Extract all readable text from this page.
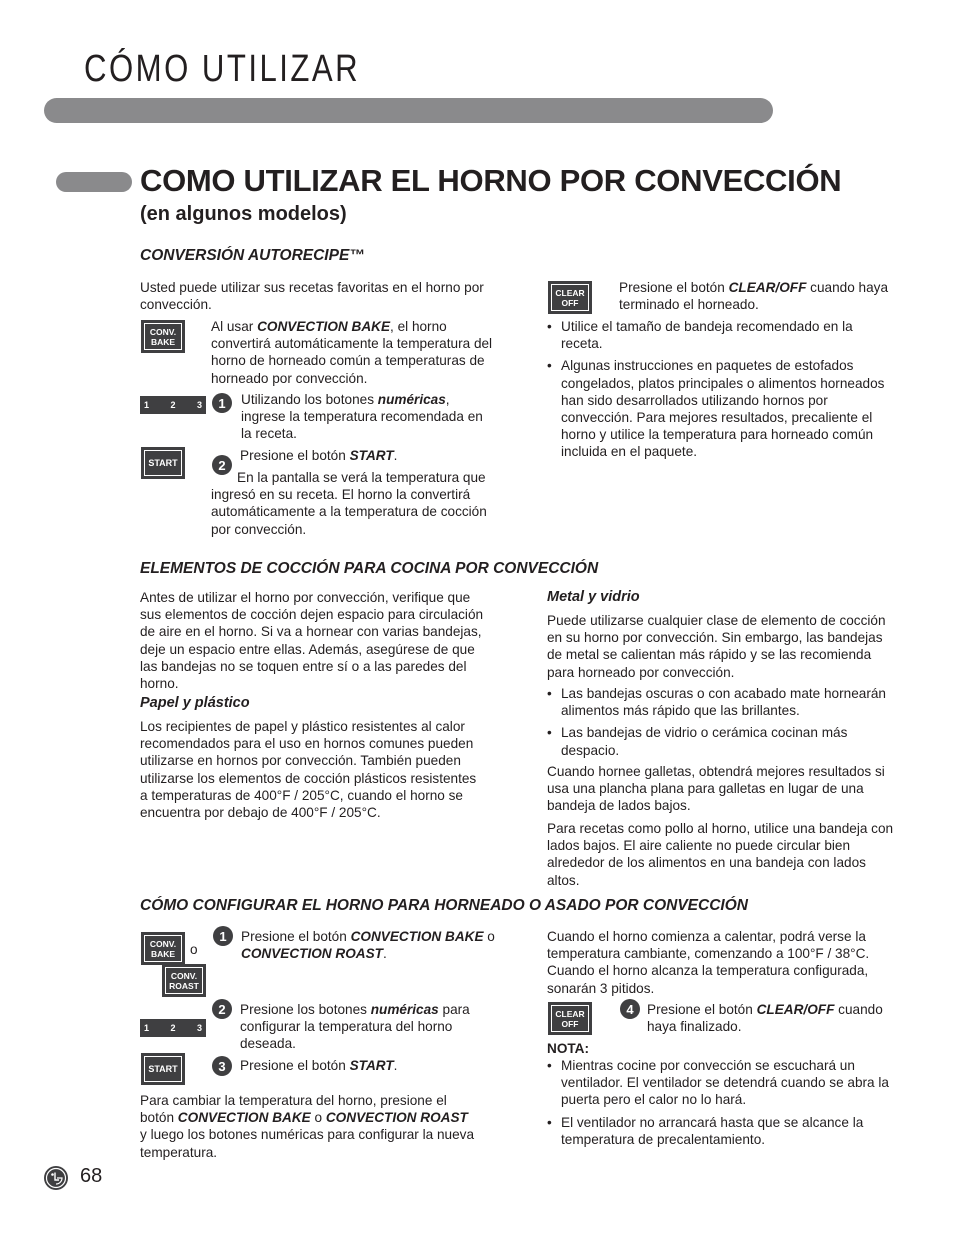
CÓMO UTILIZAR
COMO UTILIZAR EL HORNO POR CONVECCIÓN
(en algunos modelos)
CONVERSIÓN AUTORECIPE™
Usted puede utilizar sus recetas favoritas en el horno por convección.
CONV. BAKE
Al usar CONVECTION BAKE, el horno convertirá automáticamente la temperatura del horno de horneado común a temperaturas de horneado por convección.
1 2 3	1	Utilizando los botones numéricas, ingrese la temperatura recomendada en la receta.
START	Presione el botón START.
2
En la pantalla se verá la temperatura que ingresó en su receta. El horno la convertirá automáticamente a la temperatura de cocción por convección.
CLEAR OFF
Presione el botón CLEAR/OFF cuando haya terminado el horneado.
• Utilice el tamaño de bandeja recomendado en la receta.
• Algunas instrucciones en paquetes de estofados congelados, platos principales o alimentos horneados han sido desarrollados utilizando hornos por convección. Para mejores resultados, precaliente el horno y utilice la temperatura para horneado común incluida en el paquete.
ELEMENTOS DE COCCIÓN PARA COCINA POR CONVECCIÓN
Antes de utilizar el horno por convección, verifique que sus elementos de cocción dejen espacio para circulación de aire en el horno. Si va a hornear con varias bandejas, deje un espacio entre ellas. Además, asegúrese de que las bandejas no se toquen entre sí o a las paredes del horno.
Papel y plástico
Los recipientes de papel y plástico resistentes al calor recomendados para el uso en hornos comunes pueden utilizarse en hornos por convección. También pueden utilizarse los elementos de cocción plásticos resistentes a temperaturas de 400°F / 205°C, cuando el horno se encuentra por debajo de 400°F / 205°C.
Metal y vidrio
Puede utilizarse cualquier clase de elemento de cocción en su horno por convección. Sin embargo, las bandejas de metal se calientan más rápido y se las recomienda para horneado por convección.
• Las bandejas oscuras o con acabado mate hornearán alimentos más rápido que las brillantes.
• Las bandejas de vidrio o cerámica cocinan más despacio.
Cuando hornee galletas, obtendrá mejores resultados si usa una plancha plana para galletas en lugar de una bandeja de lados bajos.
Para recetas como pollo al horno, utilice una bandeja con lados bajos. El aire caliente no puede circular bien alrededor de los alimentos en una bandeja con lados altos.
CÓMO CONFIGURAR EL HORNO PARA HORNEADO O ASADO POR CONVECCIÓN
CONV. BAKE	o
CONV. ROAST
1	Presione el botón CONVECTION BAKE o CONVECTION ROAST.
1 2 3
2	Presione los botones numéricas para configurar la temperatura del horno deseada.
START	3	Presione el botón START.
Para cambiar la temperatura del horno, presione el botón CONVECTION BAKE o CONVECTION ROAST y luego los botones numéricas para configurar la nueva temperatura.
Cuando el horno comienza a calentar, podrá verse la temperatura cambiante, comenzando a 100°F / 38°C. Cuando el horno alcanza la temperatura configurada, sonarán 3 pitidos.
CLEAR OFF
4 Presione el botón CLEAR/OFF cuando haya finalizado.
NOTA:
• Mientras cocine por convección se escuchará un ventilador. El ventilador se detendrá cuando se abra la puerta pero el calor no lo hará.
• El ventilador no arrancará hasta que se alcance la temperatura de precalentamiento.
68
